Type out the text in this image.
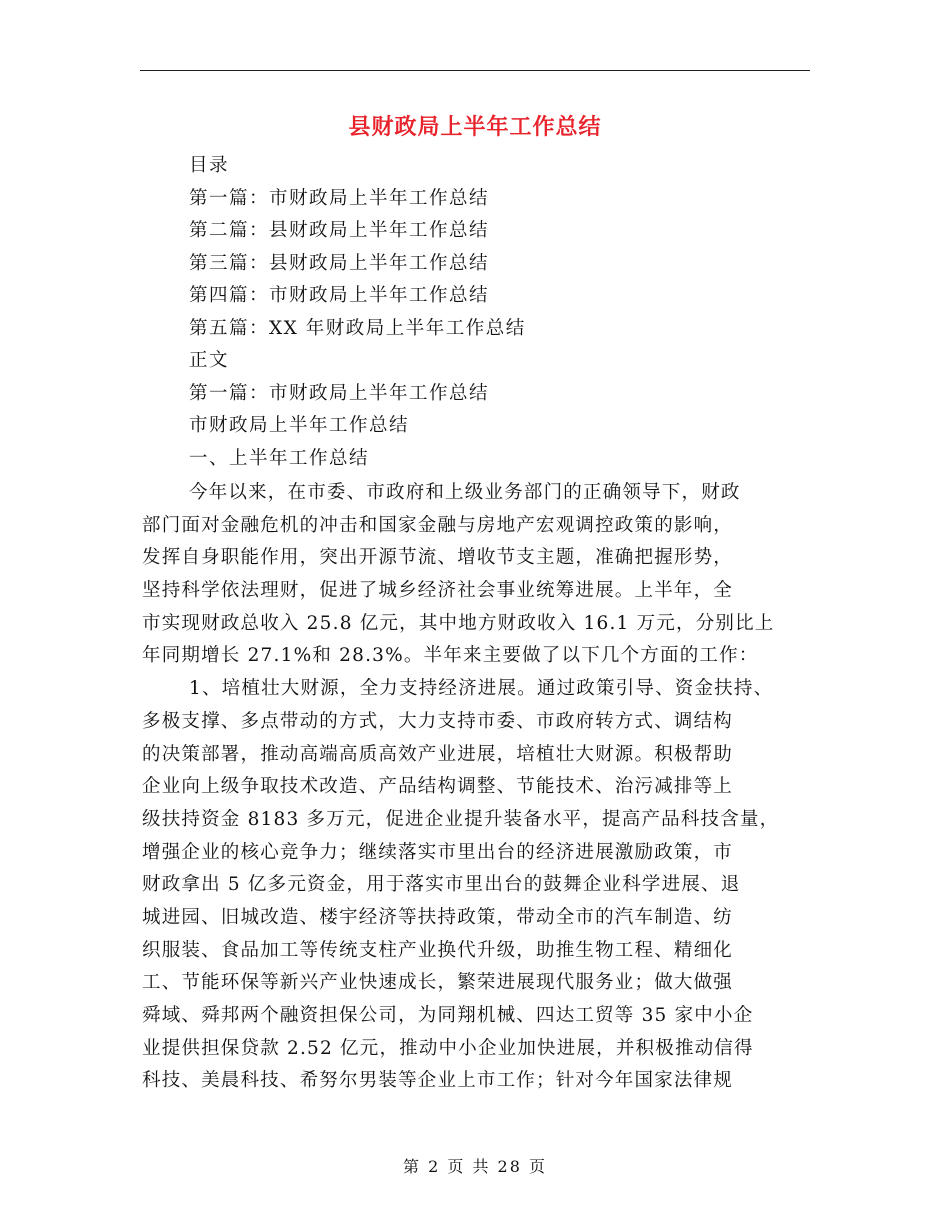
县财政局上半年工作总结
目录
第一篇：市财政局上半年工作总结
第二篇：县财政局上半年工作总结
第三篇：县财政局上半年工作总结
第四篇：市财政局上半年工作总结
第五篇：XX 年财政局上半年工作总结
正文
第一篇：市财政局上半年工作总结
市财政局上半年工作总结
一、上半年工作总结
今年以来，在市委、市政府和上级业务部门的正确领导下，财政
部门面对金融危机的冲击和国家金融与房地产宏观调控政策的影响，
发挥自身职能作用，突出开源节流、增收节支主题，准确把握形势，
坚持科学依法理财，促进了城乡经济社会事业统筹进展。上半年，全
市实现财政总收入 25.8 亿元，其中地方财政收入 16.1 万元，分别比上
年同期增长 27.1%和 28.3%。半年来主要做了以下几个方面的工作：
1、培植壮大财源，全力支持经济进展。通过政策引导、资金扶持、
多极支撑、多点带动的方式，大力支持市委、市政府转方式、调结构
的决策部署，推动高端高质高效产业进展，培植壮大财源。积极帮助
企业向上级争取技术改造、产品结构调整、节能技术、治污减排等上
级扶持资金 8183 多万元，促进企业提升装备水平，提高产品科技含量，
增强企业的核心竞争力；继续落实市里出台的经济进展激励政策，市
财政拿出 5 亿多元资金，用于落实市里出台的鼓舞企业科学进展、退
城进园、旧城改造、楼宇经济等扶持政策，带动全市的汽车制造、纺
织服装、食品加工等传统支柱产业换代升级，助推生物工程、精细化
工、节能环保等新兴产业快速成长，繁荣进展现代服务业；做大做强
舜域、舜邦两个融资担保公司，为同翔机械、四达工贸等 35 家中小企
业提供担保贷款 2.52 亿元，推动中小企业加快进展，并积极推动信得
科技、美晨科技、希努尔男装等企业上市工作；针对今年国家法律规
第 2 页 共 28 页
